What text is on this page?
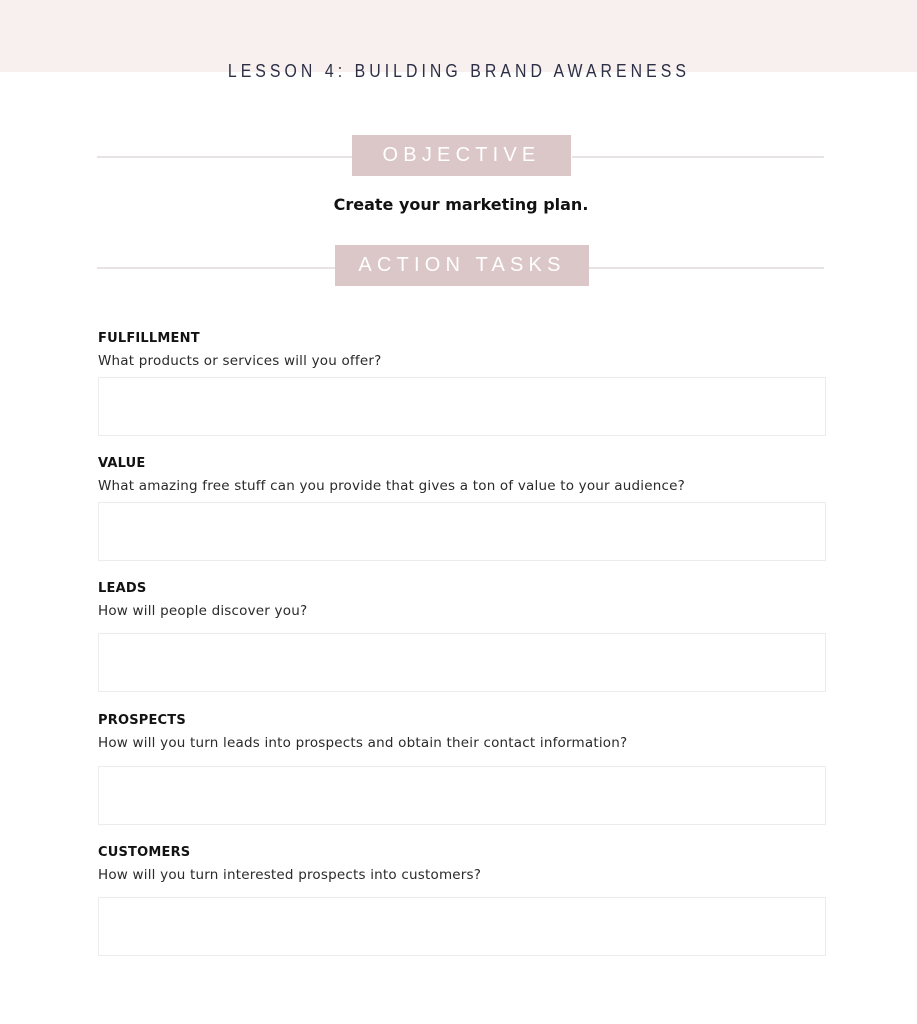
LESSON 4: BUILDING BRAND AWARENESS
OBJECTIVE
Create your marketing plan.
ACTION TASKS
FULFILLMENT
What products or services will you offer?
VALUE
What amazing free stuff can you provide that gives a ton of value to your audience?
LEADS
How will people discover you?
PROSPECTS
How will you turn leads into prospects and obtain their contact information?
CUSTOMERS
How will you turn interested prospects into customers?
